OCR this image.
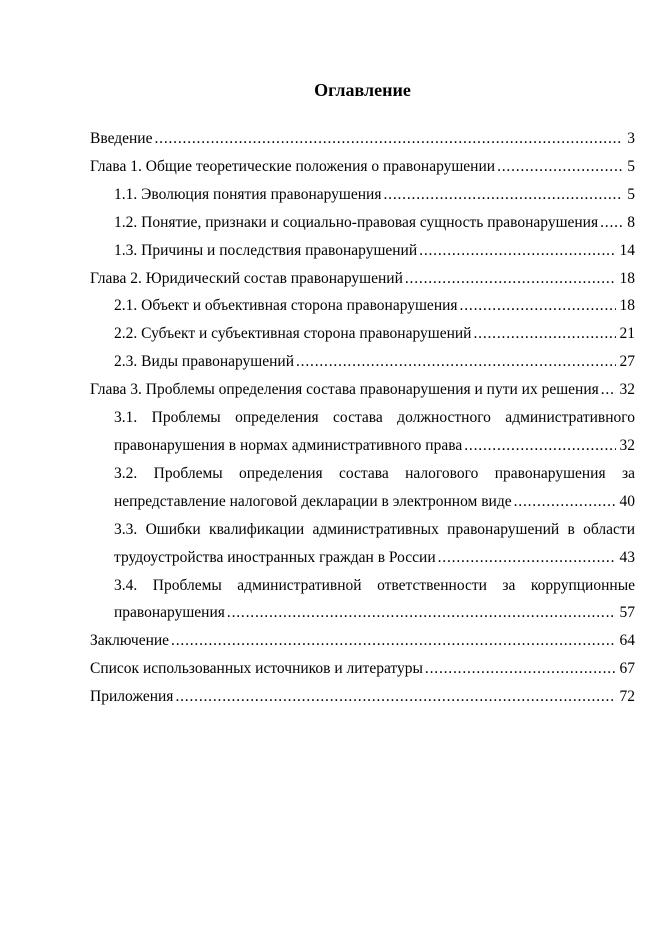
Оглавление
Введение .....	3
Глава 1. Общие теоретические положения о правонарушении .....	5
1.1. Эволюция понятия правонарушения .....	5
1.2. Понятие, признаки и социально-правовая сущность правонарушения ..... 8
1.3. Причины и последствия правонарушений .....	14
Глава 2. Юридический состав правонарушений .....	18
2.1. Объект и объективная сторона правонарушения .....	18
2.2. Субъект и субъективная сторона правонарушений .....	21
2.3. Виды правонарушений .....	27
Глава 3. Проблемы определения состава правонарушения и пути их решения ..... 32
3.1. Проблемы определения состава должностного административного
правонарушения в нормах административного права .....	32
3.2. Проблемы определения состава налогового правонарушения за
непредставление налоговой декларации в электронном виде .....	40
3.3. Ошибки квалификации административных правонарушений в области
трудоустройства иностранных граждан в России .....	43
3.4. Проблемы административной ответственности за коррупционные
правонарушения .....	57
Заключение .....	64
Список использованных источников и литературы .....	67
Приложения .....	72
